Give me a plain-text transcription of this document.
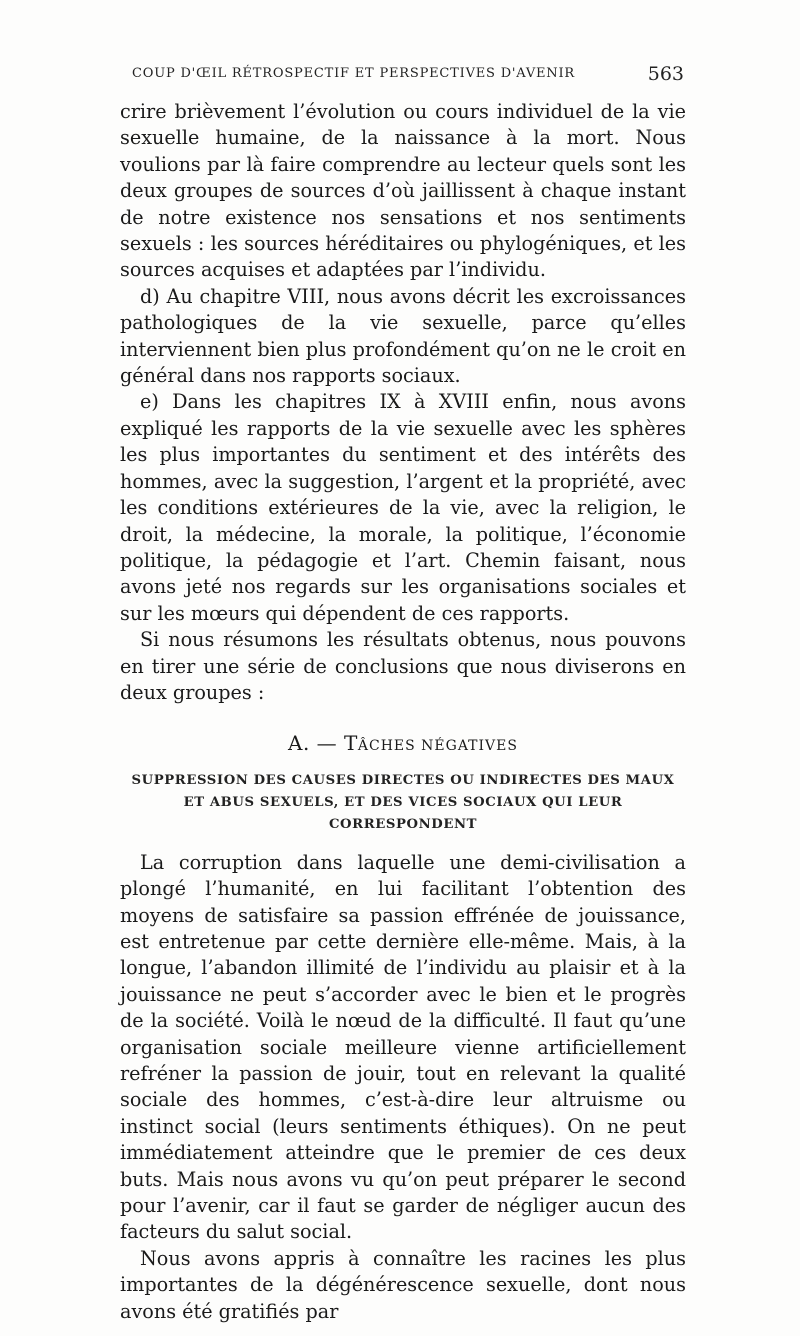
COUP D'ŒIL RÉTROSPECTIF ET PERSPECTIVES D'AVENIR	563

crire brièvement l’évolution ou cours individuel de la vie sexuelle humaine, de la naissance à la mort. Nous voulions par là faire comprendre au lecteur quels sont les deux groupes de sources d’où jaillissent à chaque instant de notre existence nos sensations et nos sentiments sexuels : les sources héréditaires ou phylogéniques, et les sources acquises et adaptées par l’individu.

d) Au chapitre VIII, nous avons décrit les excroissances pathologiques de la vie sexuelle, parce qu’elles interviennent bien plus profondément qu’on ne le croit en général dans nos rapports sociaux.

e) Dans les chapitres IX à XVIII enfin, nous avons expliqué les rapports de la vie sexuelle avec les sphères les plus importantes du sentiment et des intérêts des hommes, avec la suggestion, l’argent et la propriété, avec les conditions extérieures de la vie, avec la religion, le droit, la médecine, la morale, la politique, l’économie politique, la pédagogie et l’art. Chemin faisant, nous avons jeté nos regards sur les organisations sociales et sur les mœurs qui dépendent de ces rapports.

Si nous résumons les résultats obtenus, nous pouvons en tirer une série de conclusions que nous diviserons en deux groupes :

A. — TÂCHES NÉGATIVES
SUPPRESSION DES CAUSES DIRECTES OU INDIRECTES DES MAUX
ET ABUS SEXUELS, ET DES VICES SOCIAUX QUI LEUR CORRESPONDENT

La corruption dans laquelle une demi-civilisation a plongé l’humanité, en lui facilitant l’obtention des moyens de satisfaire sa passion effrénée de jouissance, est entretenue par cette dernière elle-même. Mais, à la longue, l’abandon illimité de l’individu au plaisir et à la jouissance ne peut s’accorder avec le bien et le progrès de la société. Voilà le nœud de la difficulté. Il faut qu’une organisation sociale meilleure vienne artificiellement refréner la passion de jouir, tout en relevant la qualité sociale des hommes, c’est-à-dire leur altruisme ou instinct social (leurs sentiments éthiques). On ne peut immédiatement atteindre que le premier de ces deux buts. Mais nous avons vu qu’on peut préparer le second pour l’avenir, car il faut se garder de négliger aucun des facteurs du salut social.

Nous avons appris à connaître les racines les plus importantes de la dégénérescence sexuelle, dont nous avons été gratifiés par
